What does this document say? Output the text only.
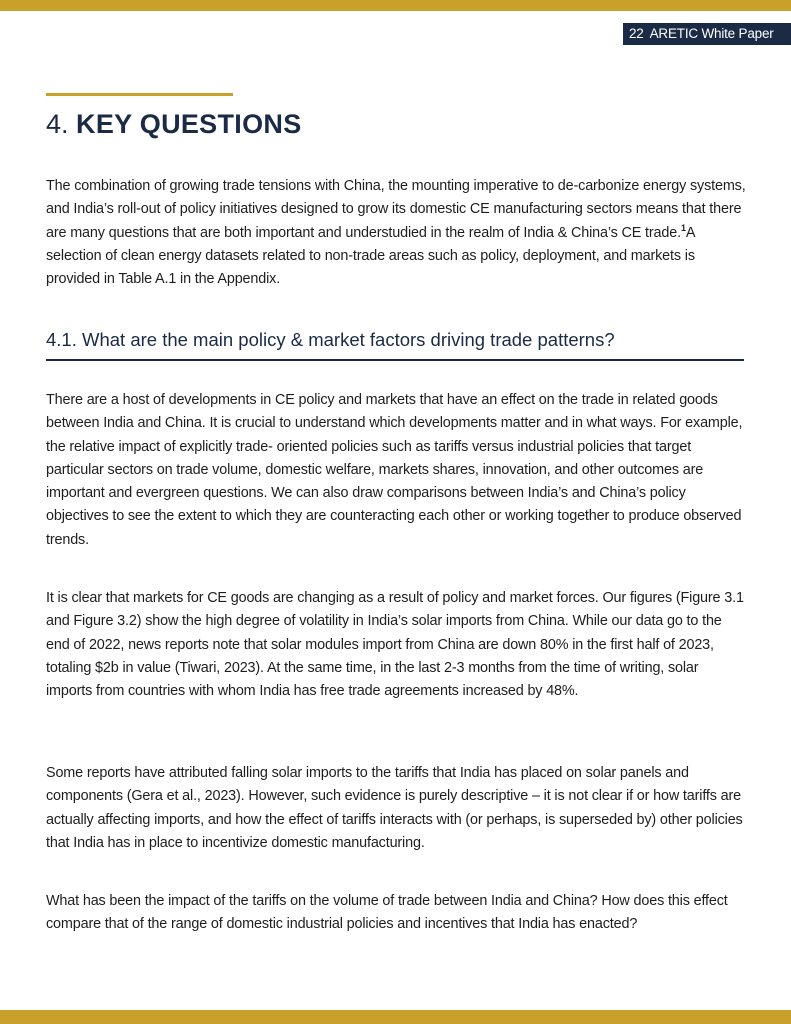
22 ARETIC White Paper
4. KEY QUESTIONS

The combination of growing trade tensions with China, the mounting imperative to de-carbonize energy systems, and India’s roll-out of policy initiatives designed to grow its domestic CE manufacturing sectors means that there are many questions that are both important and understudied in the realm of India & China’s CE trade.$^1$A selection of clean energy datasets related to non-trade areas such as policy, deployment, and markets is provided in Table A.1 in the Appendix.

4.1. What are the main policy & market factors driving trade patterns?

There are a host of developments in CE policy and markets that have an effect on the trade in related goods between India and China. It is crucial to understand which developments matter and in what ways. For example, the relative impact of explicitly trade- oriented policies such as tariffs versus industrial policies that target particular sectors on trade volume, domestic welfare, markets shares, innovation, and other outcomes are important and evergreen questions. We can also draw comparisons between India’s and China’s policy objectives to see the extent to which they are counteracting each other or working together to produce observed trends.

It is clear that markets for CE goods are changing as a result of policy and market forces. Our figures (Figure 3.1 and Figure 3.2) show the high degree of volatility in India’s solar imports from China. While our data go to the end of 2022, news reports note that solar modules import from China are down 80% in the first half of 2023, totaling $2b in value (Tiwari, 2023). At the same time, in the last 2-3 months from the time of writing, solar imports from countries with whom India has free trade agreements increased by 48%.

Some reports have attributed falling solar imports to the tariffs that India has placed on solar panels and components (Gera et al., 2023). However, such evidence is purely descriptive – it is not clear if or how tariffs are actually affecting imports, and how the effect of tariffs interacts with (or perhaps, is superseded by) other policies that India has in place to incentivize domestic manufacturing.

What has been the impact of the tariffs on the volume of trade between India and China? How does this effect compare that of the range of domestic industrial policies and incentives that India has enacted?
